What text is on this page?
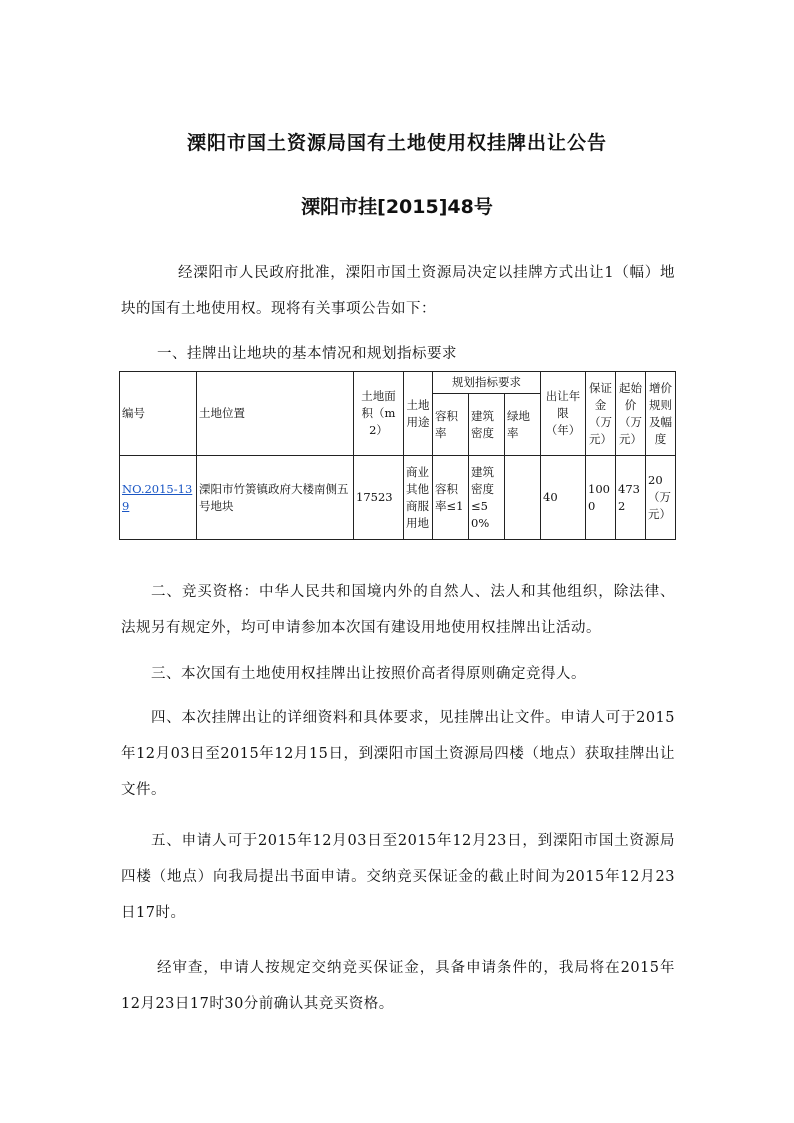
溧阳市国土资源局国有土地使用权挂牌出让公告
溧阳市挂[2015]48号

经溧阳市人民政府批准，溧阳市国土资源局决定以挂牌方式出让1（幅）地块的国有土地使用权。现将有关事项公告如下：

一、挂牌出让地块的基本情况和规划指标要求

编号	土地位置	土地面积（m2）	土地用途	规划指标要求			出让年限（年）	保证金（万元）	起始价（万元）	增价规则及幅度
				容积率	建筑密度	绿地率				
NO.2015-139	溧阳市竹箦镇政府大楼南侧五号地块	17523	商业其他商服用地	容积率≤1	建筑密度≤50%		40	1000	4732	20（万元）

二、竞买资格：中华人民共和国境内外的自然人、法人和其他组织，除法律、法规另有规定外，均可申请参加本次国有建设用地使用权挂牌出让活动。

三、本次国有土地使用权挂牌出让按照价高者得原则确定竞得人。

四、本次挂牌出让的详细资料和具体要求，见挂牌出让文件。申请人可于2015年12月03日至2015年12月15日，到溧阳市国土资源局四楼（地点）获取挂牌出让文件。

五、申请人可于2015年12月03日至2015年12月23日，到溧阳市国土资源局四楼（地点）向我局提出书面申请。交纳竞买保证金的截止时间为2015年12月23日17时。

经审查，申请人按规定交纳竞买保证金，具备申请条件的，我局将在2015年12月23日17时30分前确认其竞买资格。
